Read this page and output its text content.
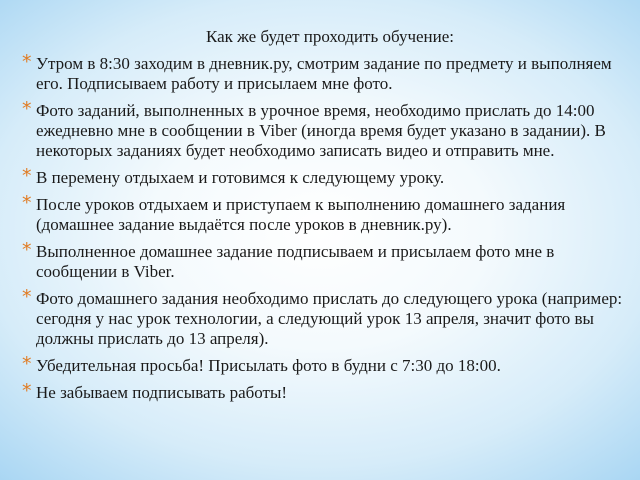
Как же будет проходить обучение:
* Утром в 8:30 заходим в дневник.ру, смотрим задание по предмету и выполняем его. Подписываем работу и присылаем мне фото.
* Фото заданий, выполненных в урочное время, необходимо прислать до 14:00 ежедневно мне в сообщении в Viber (иногда время будет указано в задании). В некоторых заданиях будет необходимо записать видео и отправить мне.
* В перемену отдыхаем и готовимся к следующему уроку.
* После уроков отдыхаем и приступаем к выполнению домашнего задания (домашнее задание выдаётся после уроков в дневник.ру).
* Выполненное домашнее задание подписываем и присылаем фото мне в сообщении в Viber.
* Фото домашнего задания необходимо прислать до следующего урока (например: сегодня у нас урок технологии, а следующий урок 13 апреля, значит фото вы должны прислать до 13 апреля).
* Убедительная просьба! Присылать фото в будни с 7:30 до 18:00.
* Не забываем подписывать работы!
